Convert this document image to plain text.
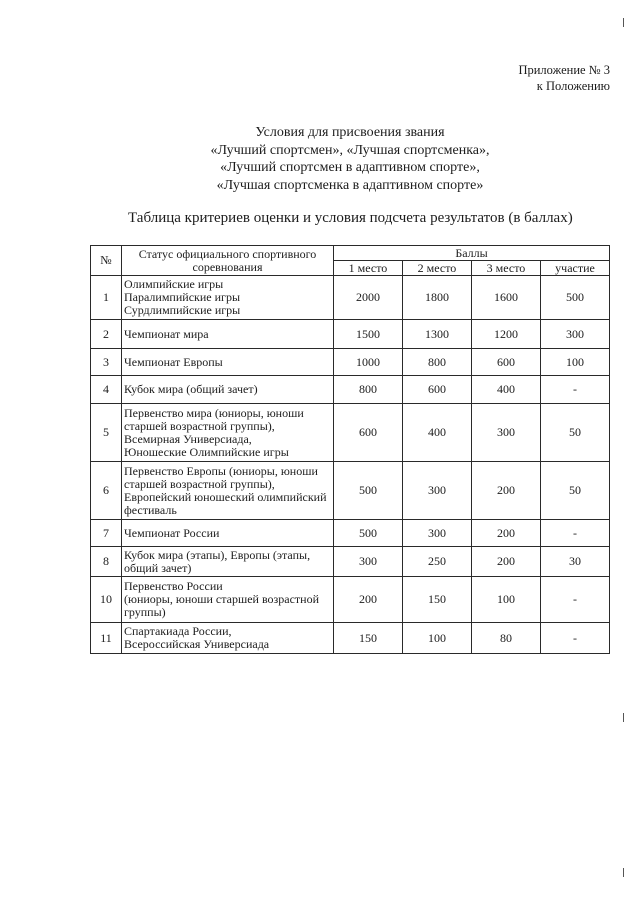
Приложение № 3
к Положению
Условия для присвоения звания
«Лучший спортсмен», «Лучшая спортсменка»,
«Лучший спортсмен в адаптивном спорте»,
«Лучшая спортсменка в адаптивном спорте»
Таблица критериев оценки и условия подсчета результатов (в баллах)
№	Статус официального спортивного соревнования	Баллы			
		1 место	2 место	3 место	участие
1	Олимпийские игры
Паралимпийские игры
Сурдлимпийские игры	2000	1800	1600	500
2	Чемпионат мира	1500	1300	1200	300
3	Чемпионат Европы	1000	800	600	100
4	Кубок мира (общий зачет)	800	600	400	-
5	Первенство мира (юниоры, юноши старшей возрастной группы),
Всемирная Универсиада,
Юношеские Олимпийские игры	600	400	300	50
6	Первенство Европы (юниоры, юноши старшей возрастной группы), Европейский юношеский олимпийский фестиваль	500	300	200	50
7	Чемпионат России	500	300	200	-
8	Кубок мира (этапы), Европы (этапы, общий зачет)	300	250	200	30
10	Первенство России
(юниоры, юноши старшей возрастной группы)	200	150	100	-
11	Спартакиада России,
Всероссийская Универсиада	150	100	80	-
